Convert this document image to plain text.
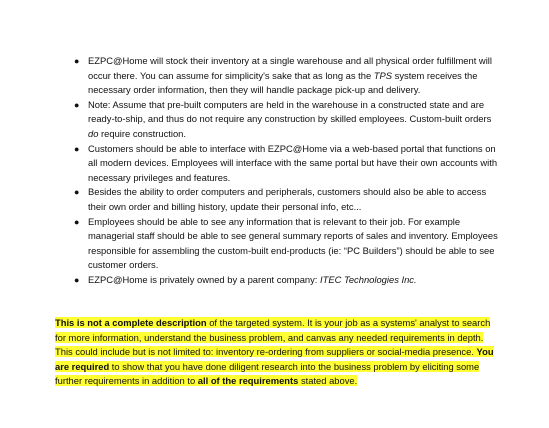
● EZPC@Home will stock their inventory at a single warehouse and all physical order fulfillment will occur there. You can assume for simplicity's sake that as long as the TPS system receives the necessary order information, then they will handle package pick-up and delivery.
● Note: Assume that pre-built computers are held in the warehouse in a constructed state and are ready-to-ship, and thus do not require any construction by skilled employees. Custom-built orders do require construction.
● Customers should be able to interface with EZPC@Home via a web-based portal that functions on all modern devices. Employees will interface with the same portal but have their own accounts with necessary privileges and features.
● Besides the ability to order computers and peripherals, customers should also be able to access their own order and billing history, update their personal info, etc...
● Employees should be able to see any information that is relevant to their job. For example managerial staff should be able to see general summary reports of sales and inventory. Employees responsible for assembling the custom-built end-products (ie: “PC Builders”) should be able to see customer orders.
● EZPC@Home is privately owned by a parent company: ITEC Technologies Inc.

This is not a complete description of the targeted system. It is your job as a systems' analyst to search for more information, understand the business problem, and canvas any needed requirements in depth. This could include but is not limited to: inventory re-ordering from suppliers or social-media presence. You are required to show that you have done diligent research into the business problem by eliciting some further requirements in addition to all of the requirements stated above.
